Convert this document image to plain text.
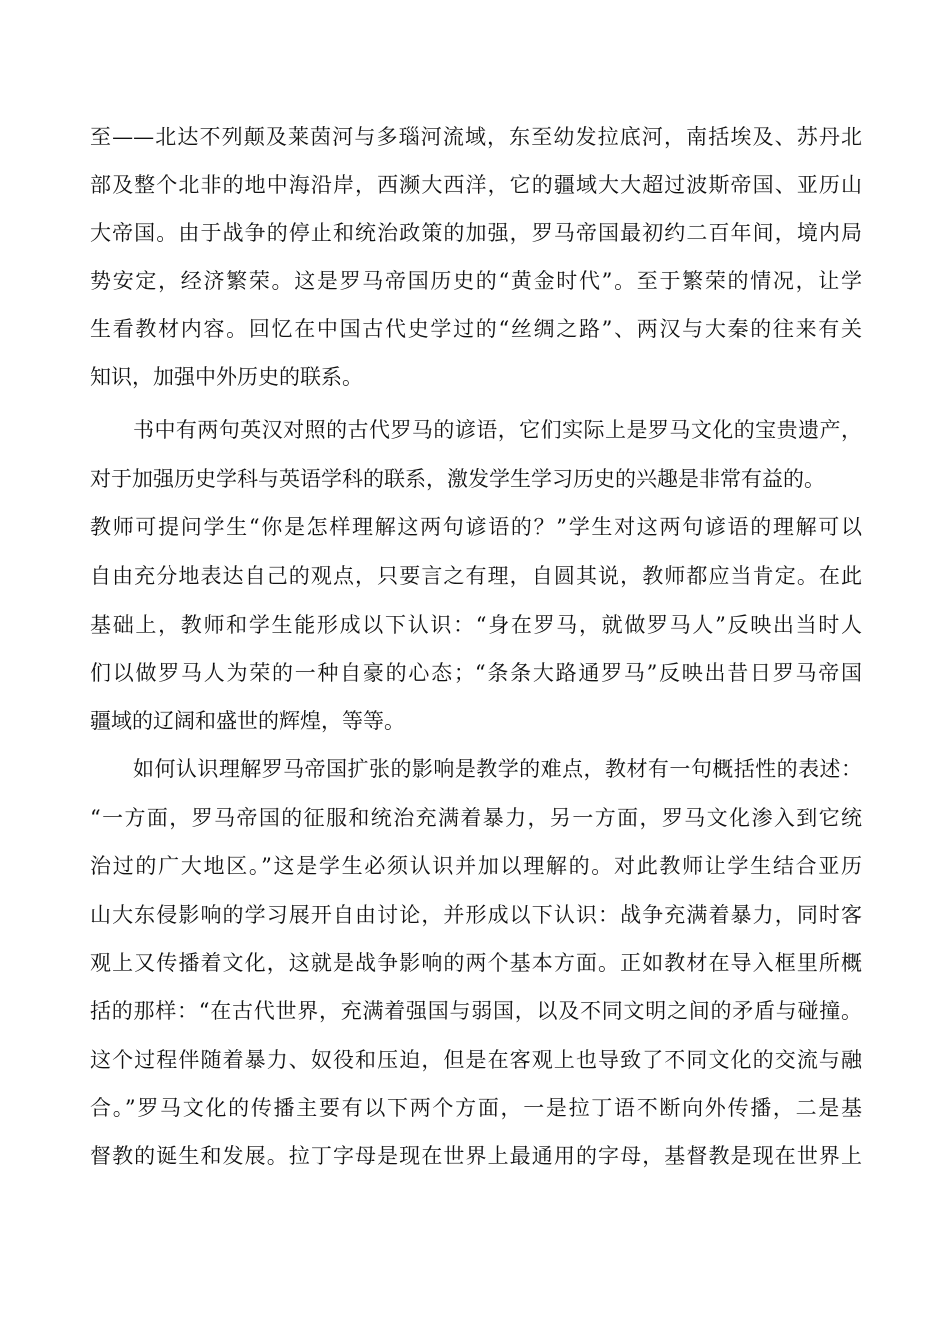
至——北达不列颠及莱茵河与多瑙河流域，东至幼发拉底河，南括埃及、苏丹北
部及整个北非的地中海沿岸，西濒大西洋，它的疆域大大超过波斯帝国、亚历山
大帝国。由于战争的停止和统治政策的加强，罗马帝国最初约二百年间，境内局
势安定，经济繁荣。这是罗马帝国历史的“黄金时代”。至于繁荣的情况，让学
生看教材内容。回忆在中国古代史学过的“丝绸之路”、两汉与大秦的往来有关
知识，加强中外历史的联系。
书中有两句英汉对照的古代罗马的谚语，它们实际上是罗马文化的宝贵遗产，
对于加强历史学科与英语学科的联系，激发学生学习历史的兴趣是非常有益的。
教师可提问学生“你是怎样理解这两句谚语的？”学生对这两句谚语的理解可以
自由充分地表达自己的观点，只要言之有理，自圆其说，教师都应当肯定。在此
基础上，教师和学生能形成以下认识：“身在罗马，就做罗马人”反映出当时人
们以做罗马人为荣的一种自豪的心态；“条条大路通罗马”反映出昔日罗马帝国
疆域的辽阔和盛世的辉煌，等等。
如何认识理解罗马帝国扩张的影响是教学的难点，教材有一句概括性的表述：
“一方面，罗马帝国的征服和统治充满着暴力，另一方面，罗马文化渗入到它统
治过的广大地区。”这是学生必须认识并加以理解的。对此教师让学生结合亚历
山大东侵影响的学习展开自由讨论，并形成以下认识：战争充满着暴力，同时客
观上又传播着文化，这就是战争影响的两个基本方面。正如教材在导入框里所概
括的那样：“在古代世界，充满着强国与弱国，以及不同文明之间的矛盾与碰撞。
这个过程伴随着暴力、奴役和压迫，但是在客观上也导致了不同文化的交流与融
合。”罗马文化的传播主要有以下两个方面，一是拉丁语不断向外传播，二是基
督教的诞生和发展。拉丁字母是现在世界上最通用的字母，基督教是现在世界上
